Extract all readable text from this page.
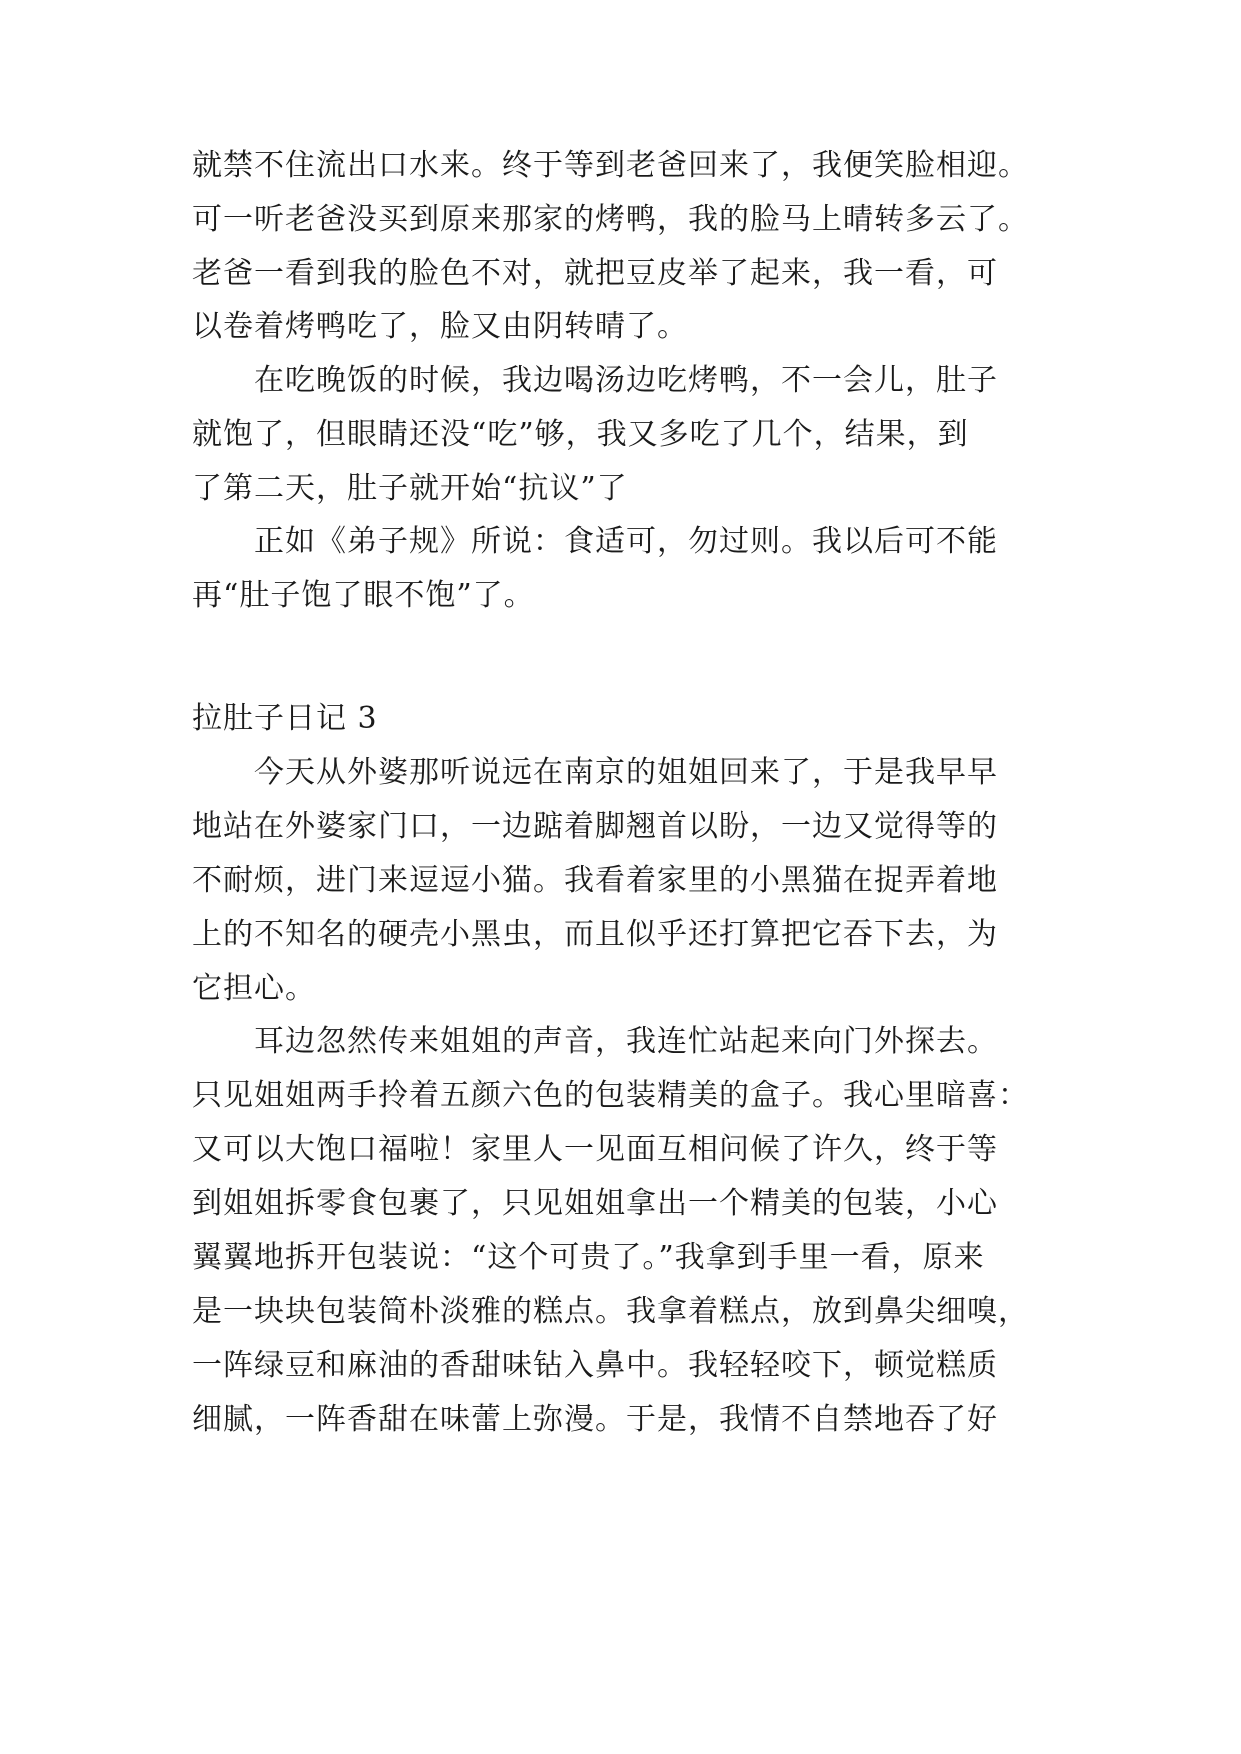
就禁不住流出口水来。终于等到老爸回来了，我便笑脸相迎。
可一听老爸没买到原来那家的烤鸭，我的脸马上晴转多云了。
老爸一看到我的脸色不对，就把豆皮举了起来，我一看，可
以卷着烤鸭吃了，脸又由阴转晴了。
在吃晚饭的时候，我边喝汤边吃烤鸭，不一会儿，肚子
就饱了，但眼睛还没“吃”够，我又多吃了几个，结果，到
了第二天，肚子就开始“抗议”了
正如《弟子规》所说：食适可，勿过则。我以后可不能
再“肚子饱了眼不饱”了。
拉肚子日记 3
今天从外婆那听说远在南京的姐姐回来了，于是我早早
地站在外婆家门口，一边踮着脚翘首以盼，一边又觉得等的
不耐烦，进门来逗逗小猫。我看着家里的小黑猫在捉弄着地
上的不知名的硬壳小黑虫，而且似乎还打算把它吞下去，为
它担心。
耳边忽然传来姐姐的声音，我连忙站起来向门外探去。
只见姐姐两手拎着五颜六色的包装精美的盒子。我心里暗喜：
又可以大饱口福啦！家里人一见面互相问候了许久，终于等
到姐姐拆零食包裹了，只见姐姐拿出一个精美的包装，小心
翼翼地拆开包装说：“这个可贵了。”我拿到手里一看，原来
是一块块包装简朴淡雅的糕点。我拿着糕点，放到鼻尖细嗅，
一阵绿豆和麻油的香甜味钻入鼻中。我轻轻咬下，顿觉糕质
细腻，一阵香甜在味蕾上弥漫。于是，我情不自禁地吞了好
